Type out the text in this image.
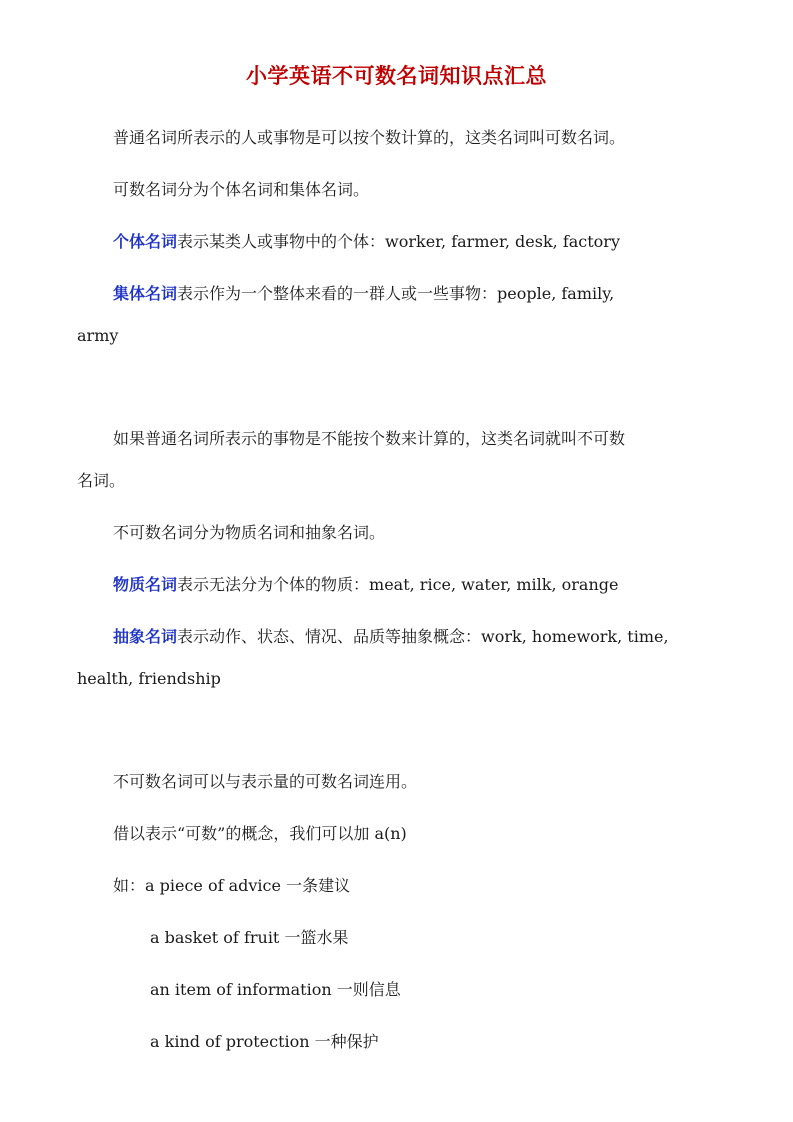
小学英语不可数名词知识点汇总

普通名词所表示的人或事物是可以按个数计算的，这类名词叫可数名词。

可数名词分为个体名词和集体名词。

个体名词表示某类人或事物中的个体：worker, farmer, desk, factory

集体名词表示作为一个整体来看的一群人或一些事物：people, family,

army

如果普通名词所表示的事物是不能按个数来计算的，这类名词就叫不可数

名词。

不可数名词分为物质名词和抽象名词。

物质名词表示无法分为个体的物质：meat, rice, water, milk, orange

抽象名词表示动作、状态、情况、品质等抽象概念：work, homework, time,

health, friendship

不可数名词可以与表示量的可数名词连用。

借以表示“可数”的概念，我们可以加 a(n)

如：a piece of advice 一条建议

a basket of fruit 一篮水果

an item of information 一则信息

a kind of protection 一种保护
